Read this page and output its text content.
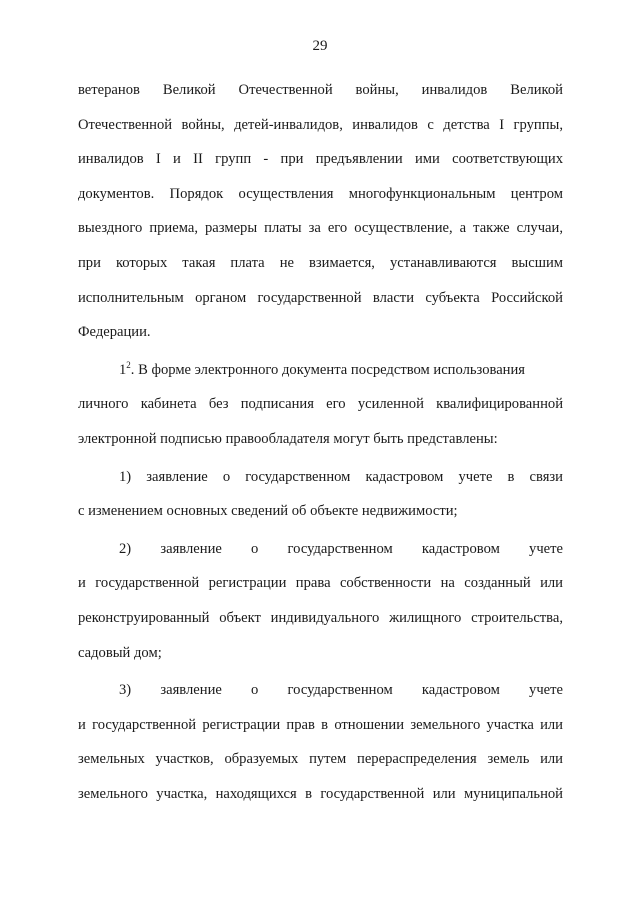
29
ветеранов Великой Отечественной войны, инвалидов Великой
Отечественной войны, детей-инвалидов, инвалидов с детства I группы,
инвалидов I и II групп - при предъявлении ими соответствующих
документов. Порядок осуществления многофункциональным центром
выездного приема, размеры платы за его осуществление, а также случаи,
при которых такая плата не взимается, устанавливаются высшим
исполнительным органом государственной власти субъекта Российской
Федерации.
$1^2$. В форме электронного документа посредством использования
личного кабинета без подписания его усиленной квалифицированной
электронной подписью правообладателя могут быть представлены:
1) заявление о государственном кадастровом учете в связи
с изменением основных сведений об объекте недвижимости;
2) заявление о государственном кадастровом учете
и государственной регистрации права собственности на созданный или
реконструированный объект индивидуального жилищного строительства,
садовый дом;
3) заявление о государственном кадастровом учете
и государственной регистрации прав в отношении земельного участка или
земельных участков, образуемых путем перераспределения земель или
земельного участка, находящихся в государственной или муниципальной
